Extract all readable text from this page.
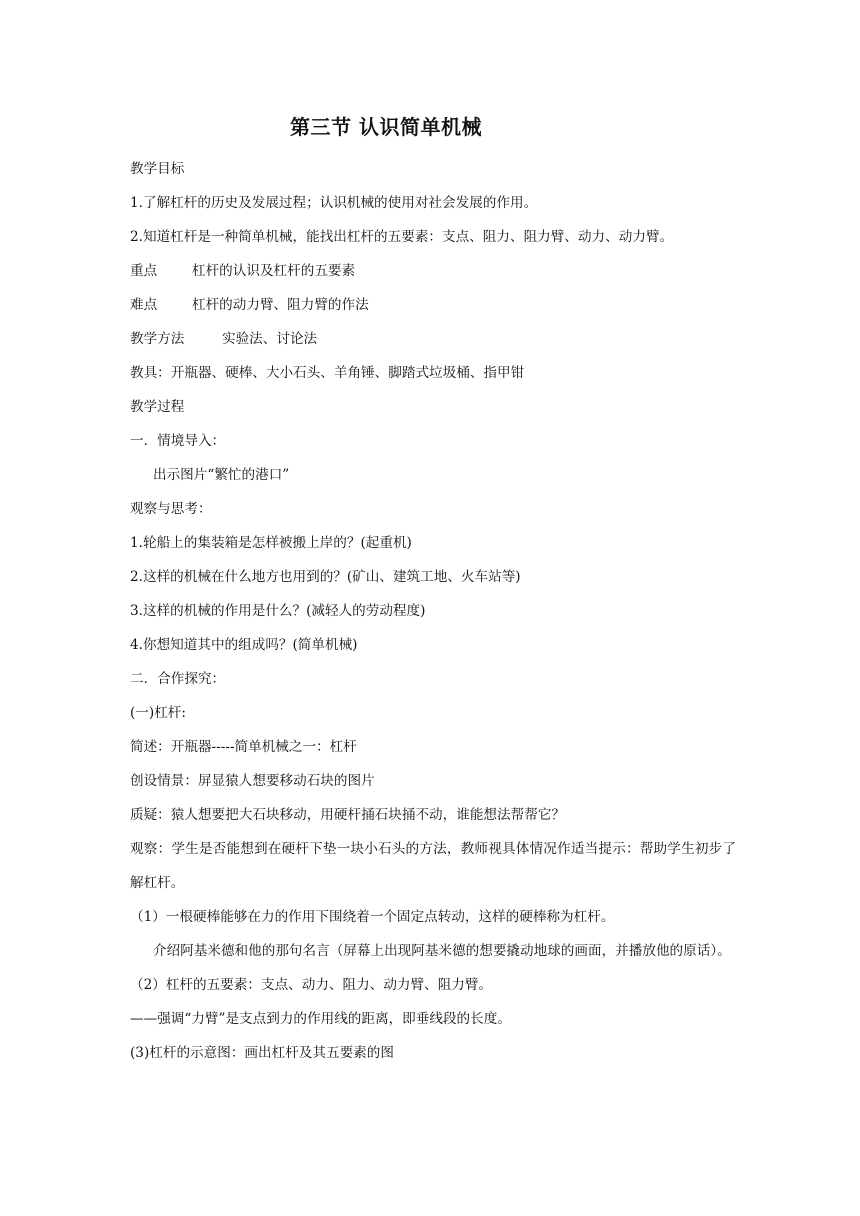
第三节 认识简单机械
教学目标
1.了解杠杆的历史及发展过程；认识机械的使用对社会发展的作用。
2.知道杠杆是一种简单机械，能找出杠杆的五要素：支点、阻力、阻力臂、动力、动力臂。
重点	杠杆的认识及杠杆的五要素
难点	杠杆的动力臂、阻力臂的作法
教学方法	实验法、讨论法
教具：开瓶器、硬棒、大小石头、羊角锤、脚踏式垃圾桶、指甲钳
教学过程
一．情境导入：
出示图片“繁忙的港口”
观察与思考：
1.轮船上的集装箱是怎样被搬上岸的？(起重机)
2.这样的机械在什么地方也用到的？(矿山、建筑工地、火车站等)
3.这样的机械的作用是什么？(减轻人的劳动程度)
4.你想知道其中的组成吗？(简单机械)
二．合作探究：
(一)杠杆:
简述：开瓶器-----简单机械之一：杠杆
创设情景：屏显猿人想要移动石块的图片
质疑：猿人想要把大石块移动，用硬杆捅石块捅不动，谁能想法帮帮它？
观察：学生是否能想到在硬杆下垫一块小石头的方法，教师视具体情况作适当提示：帮助学生初步了解杠杆。
（1）一根硬棒能够在力的作用下围绕着一个固定点转动，这样的硬棒称为杠杆。
介绍阿基米德和他的那句名言（屏幕上出现阿基米德的想要撬动地球的画面，并播放他的原话）。
（2）杠杆的五要素：支点、动力、阻力、动力臂、阻力臂。
——强调“力臂”是支点到力的作用线的距离，即垂线段的长度。
(3)杠杆的示意图：画出杠杆及其五要素的图
